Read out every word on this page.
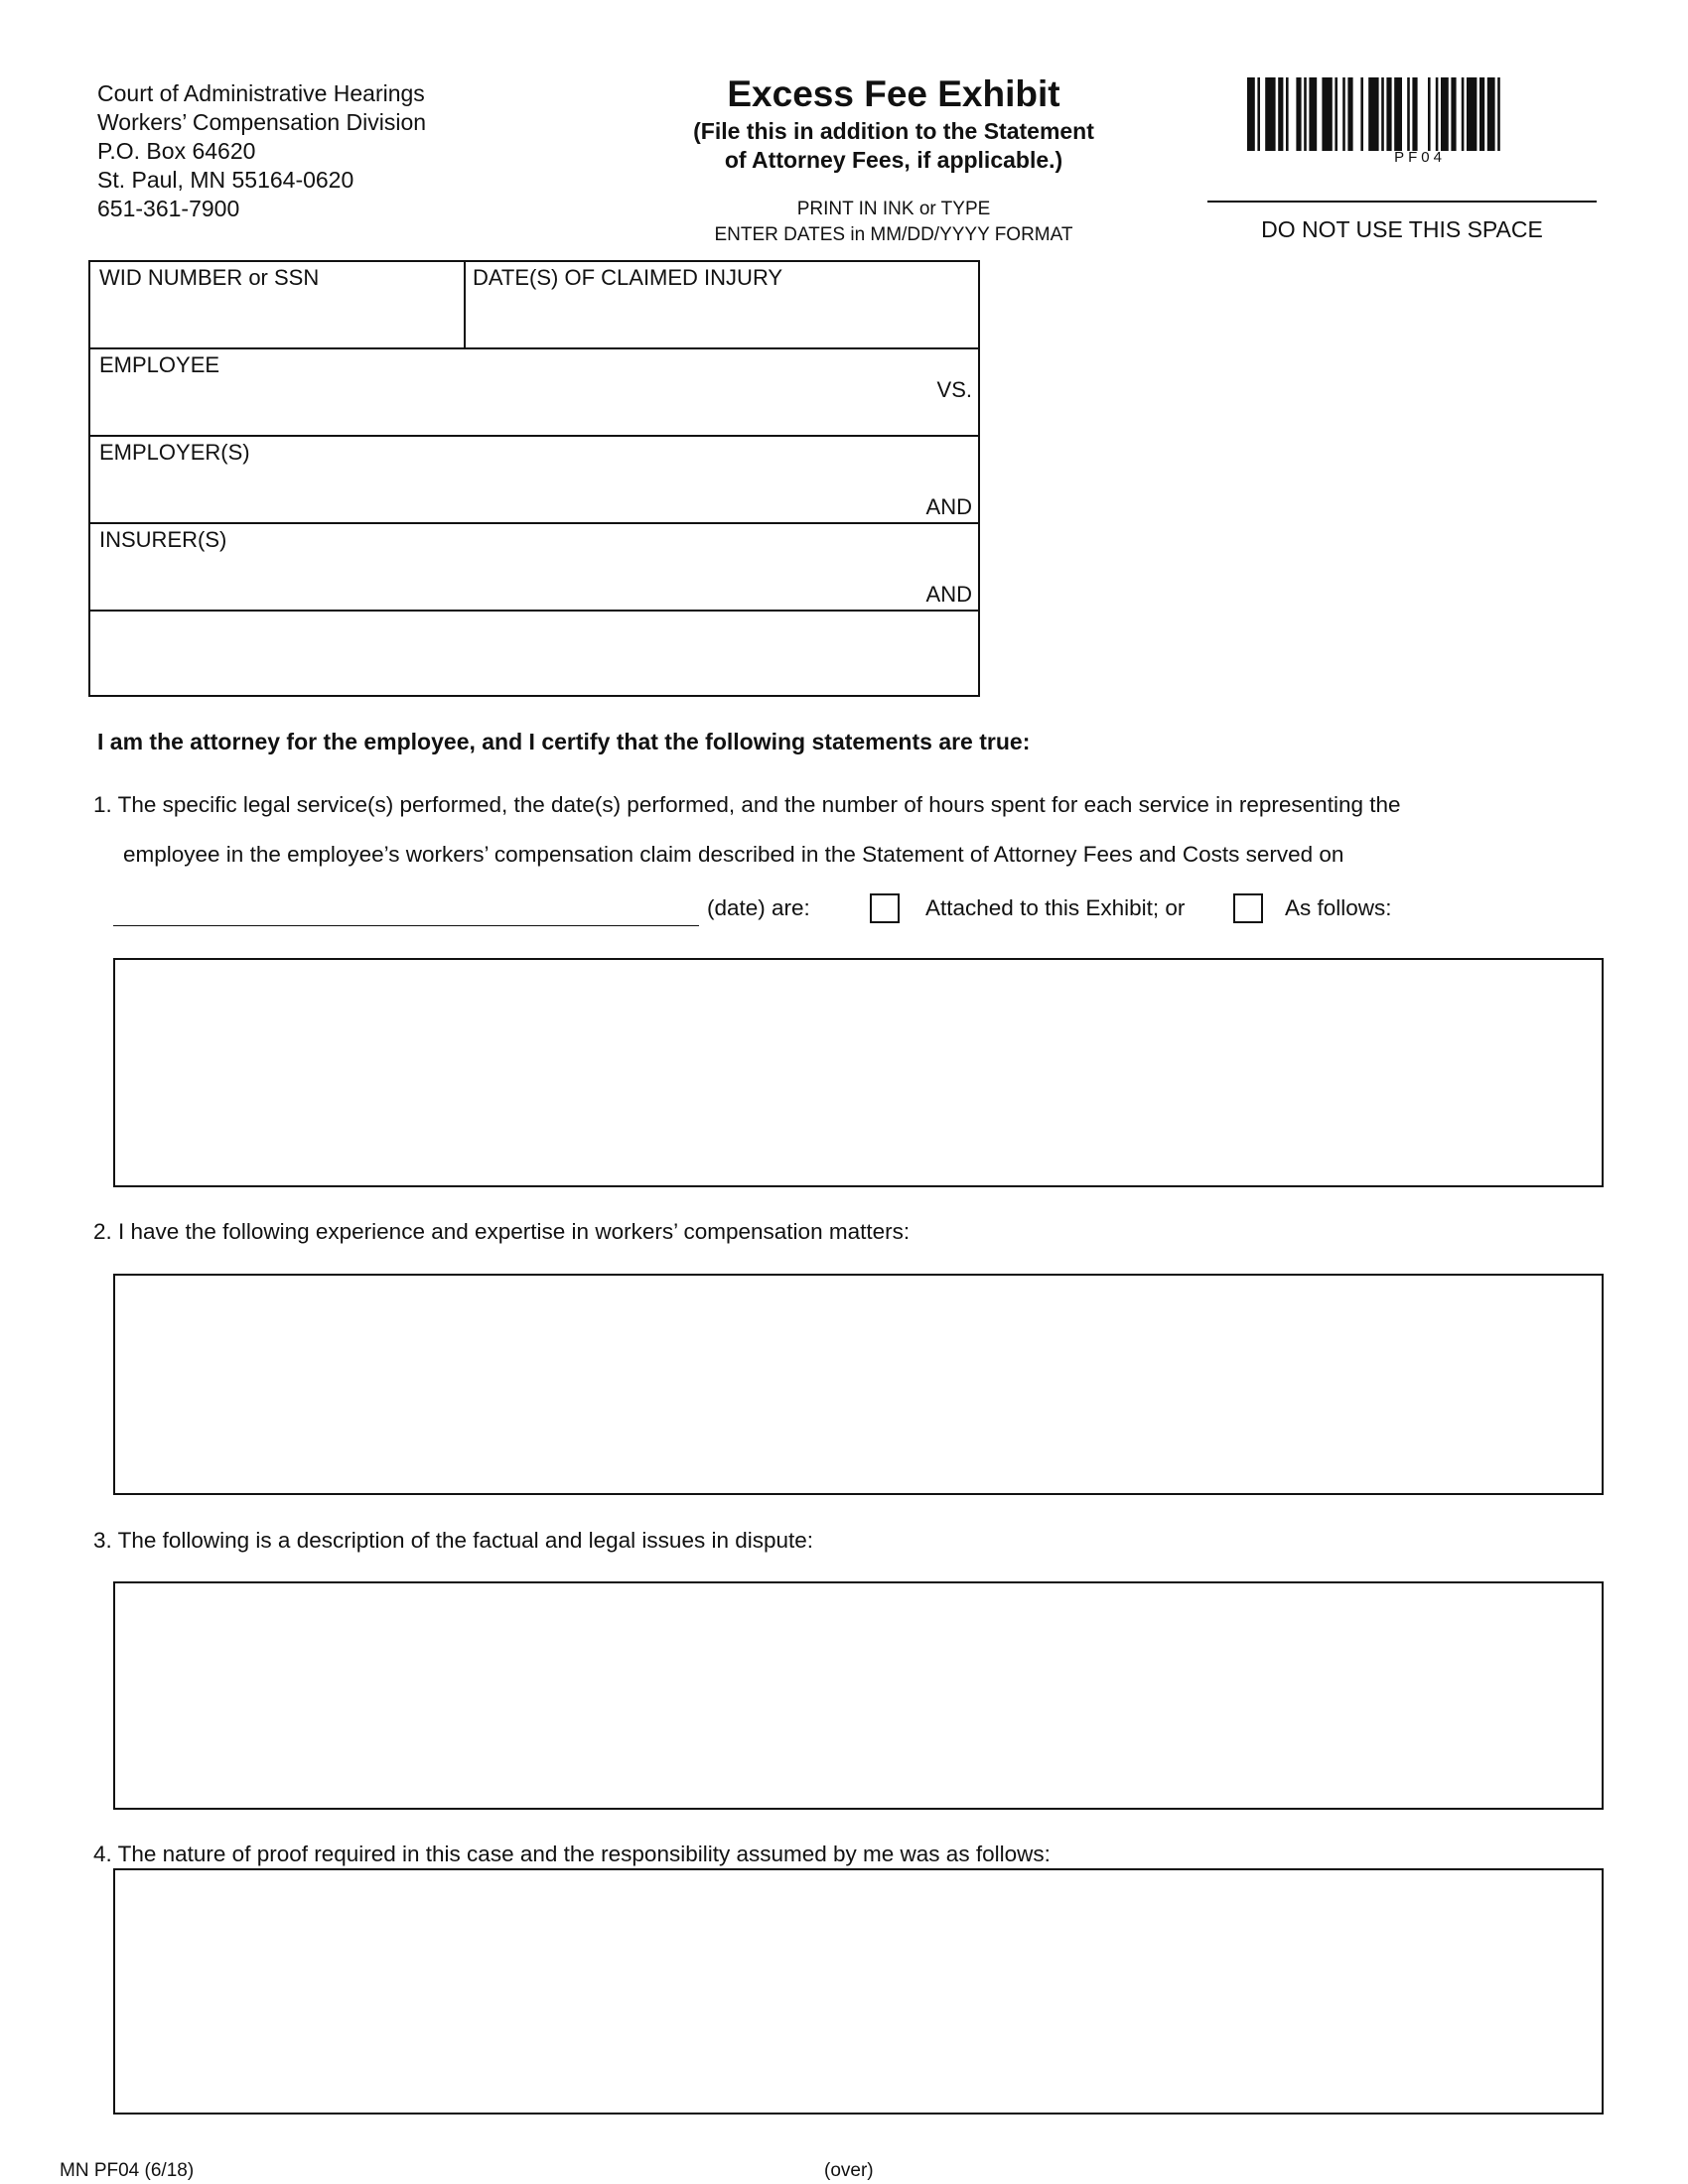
Court of Administrative Hearings
Workers’ Compensation Division
P.O. Box 64620
St. Paul, MN 55164-0620
651-361-7900
Excess Fee Exhibit
(File this in addition to the Statement
of Attorney Fees, if applicable.)
PRINT IN INK or TYPE
ENTER DATES in MM/DD/YYYY FORMAT
PF04
DO NOT USE THIS SPACE
WID NUMBER or SSN	DATE(S) OF CLAIMED INJURY
EMPLOYEE
VS.
EMPLOYER(S)
AND
INSURER(S)
AND
I am the attorney for the employee, and I certify that the following statements are true:
1. The specific legal service(s) performed, the date(s) performed, and the number of hours spent for each service in representing the
employee in the employee’s workers’ compensation claim described in the Statement of Attorney Fees and Costs served on
(date) are:	Attached to this Exhibit; or	As follows:
2. I have the following experience and expertise in workers’ compensation matters:
3. The following is a description of the factual and legal issues in dispute:
4. The nature of proof required in this case and the responsibility assumed by me was as follows:
MN PF04 (6/18)	(over)
